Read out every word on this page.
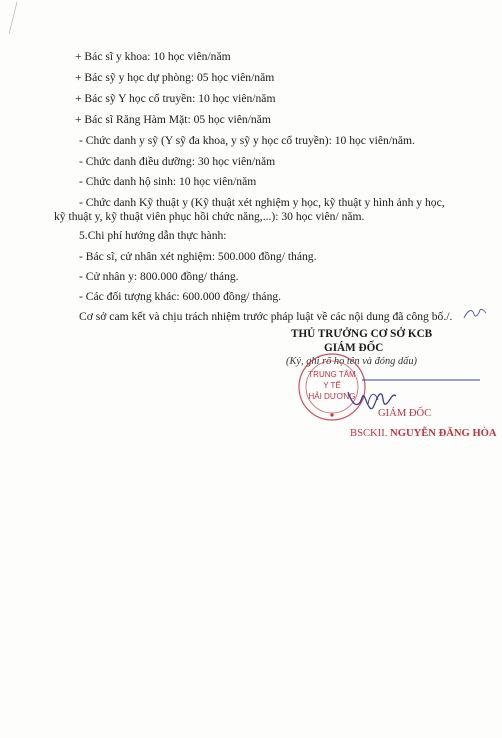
+ Bác sĩ y khoa: 10 học viên/năm
+ Bác sỹ y học dự phòng: 05 học viên/năm
+ Bác sỹ Y học cổ truyền: 10 học viên/năm
+ Bác sĩ Răng Hàm Mặt: 05 học viên/năm
- Chức danh y sỹ (Y sỹ đa khoa, y sỹ y học cổ truyền): 10 học viên/năm.
- Chức danh điều dưỡng: 30 học viên/năm
- Chức danh hộ sinh: 10 học viên/năm
- Chức danh Kỹ thuật y (Kỹ thuật xét nghiệm y học, kỹ thuật y hình ảnh y học,
kỹ thuật y, kỹ thuật viên phục hồi chức năng,...): 30 học viên/ năm.
5.Chi phí hướng dẫn thực hành:
- Bác sĩ, cử nhân xét nghiệm: 500.000 đồng/ tháng.
- Cử nhân y: 800.000 đồng/ tháng.
- Các đối tượng khác: 600.000 đồng/ tháng.
Cơ sở cam kết và chịu trách nhiệm trước pháp luật về các nội dung đã công bố./.
THỦ TRƯỞNG CƠ SỞ KCB
GIÁM ĐỐC
(Ký, ghi rõ họ tên và đóng dấu)
TRUNG TÂM
Y TẾ
HẢI DƯƠNG
GIÁM ĐỐC
BSCKII. NGUYỄN ĐĂNG HÒA
